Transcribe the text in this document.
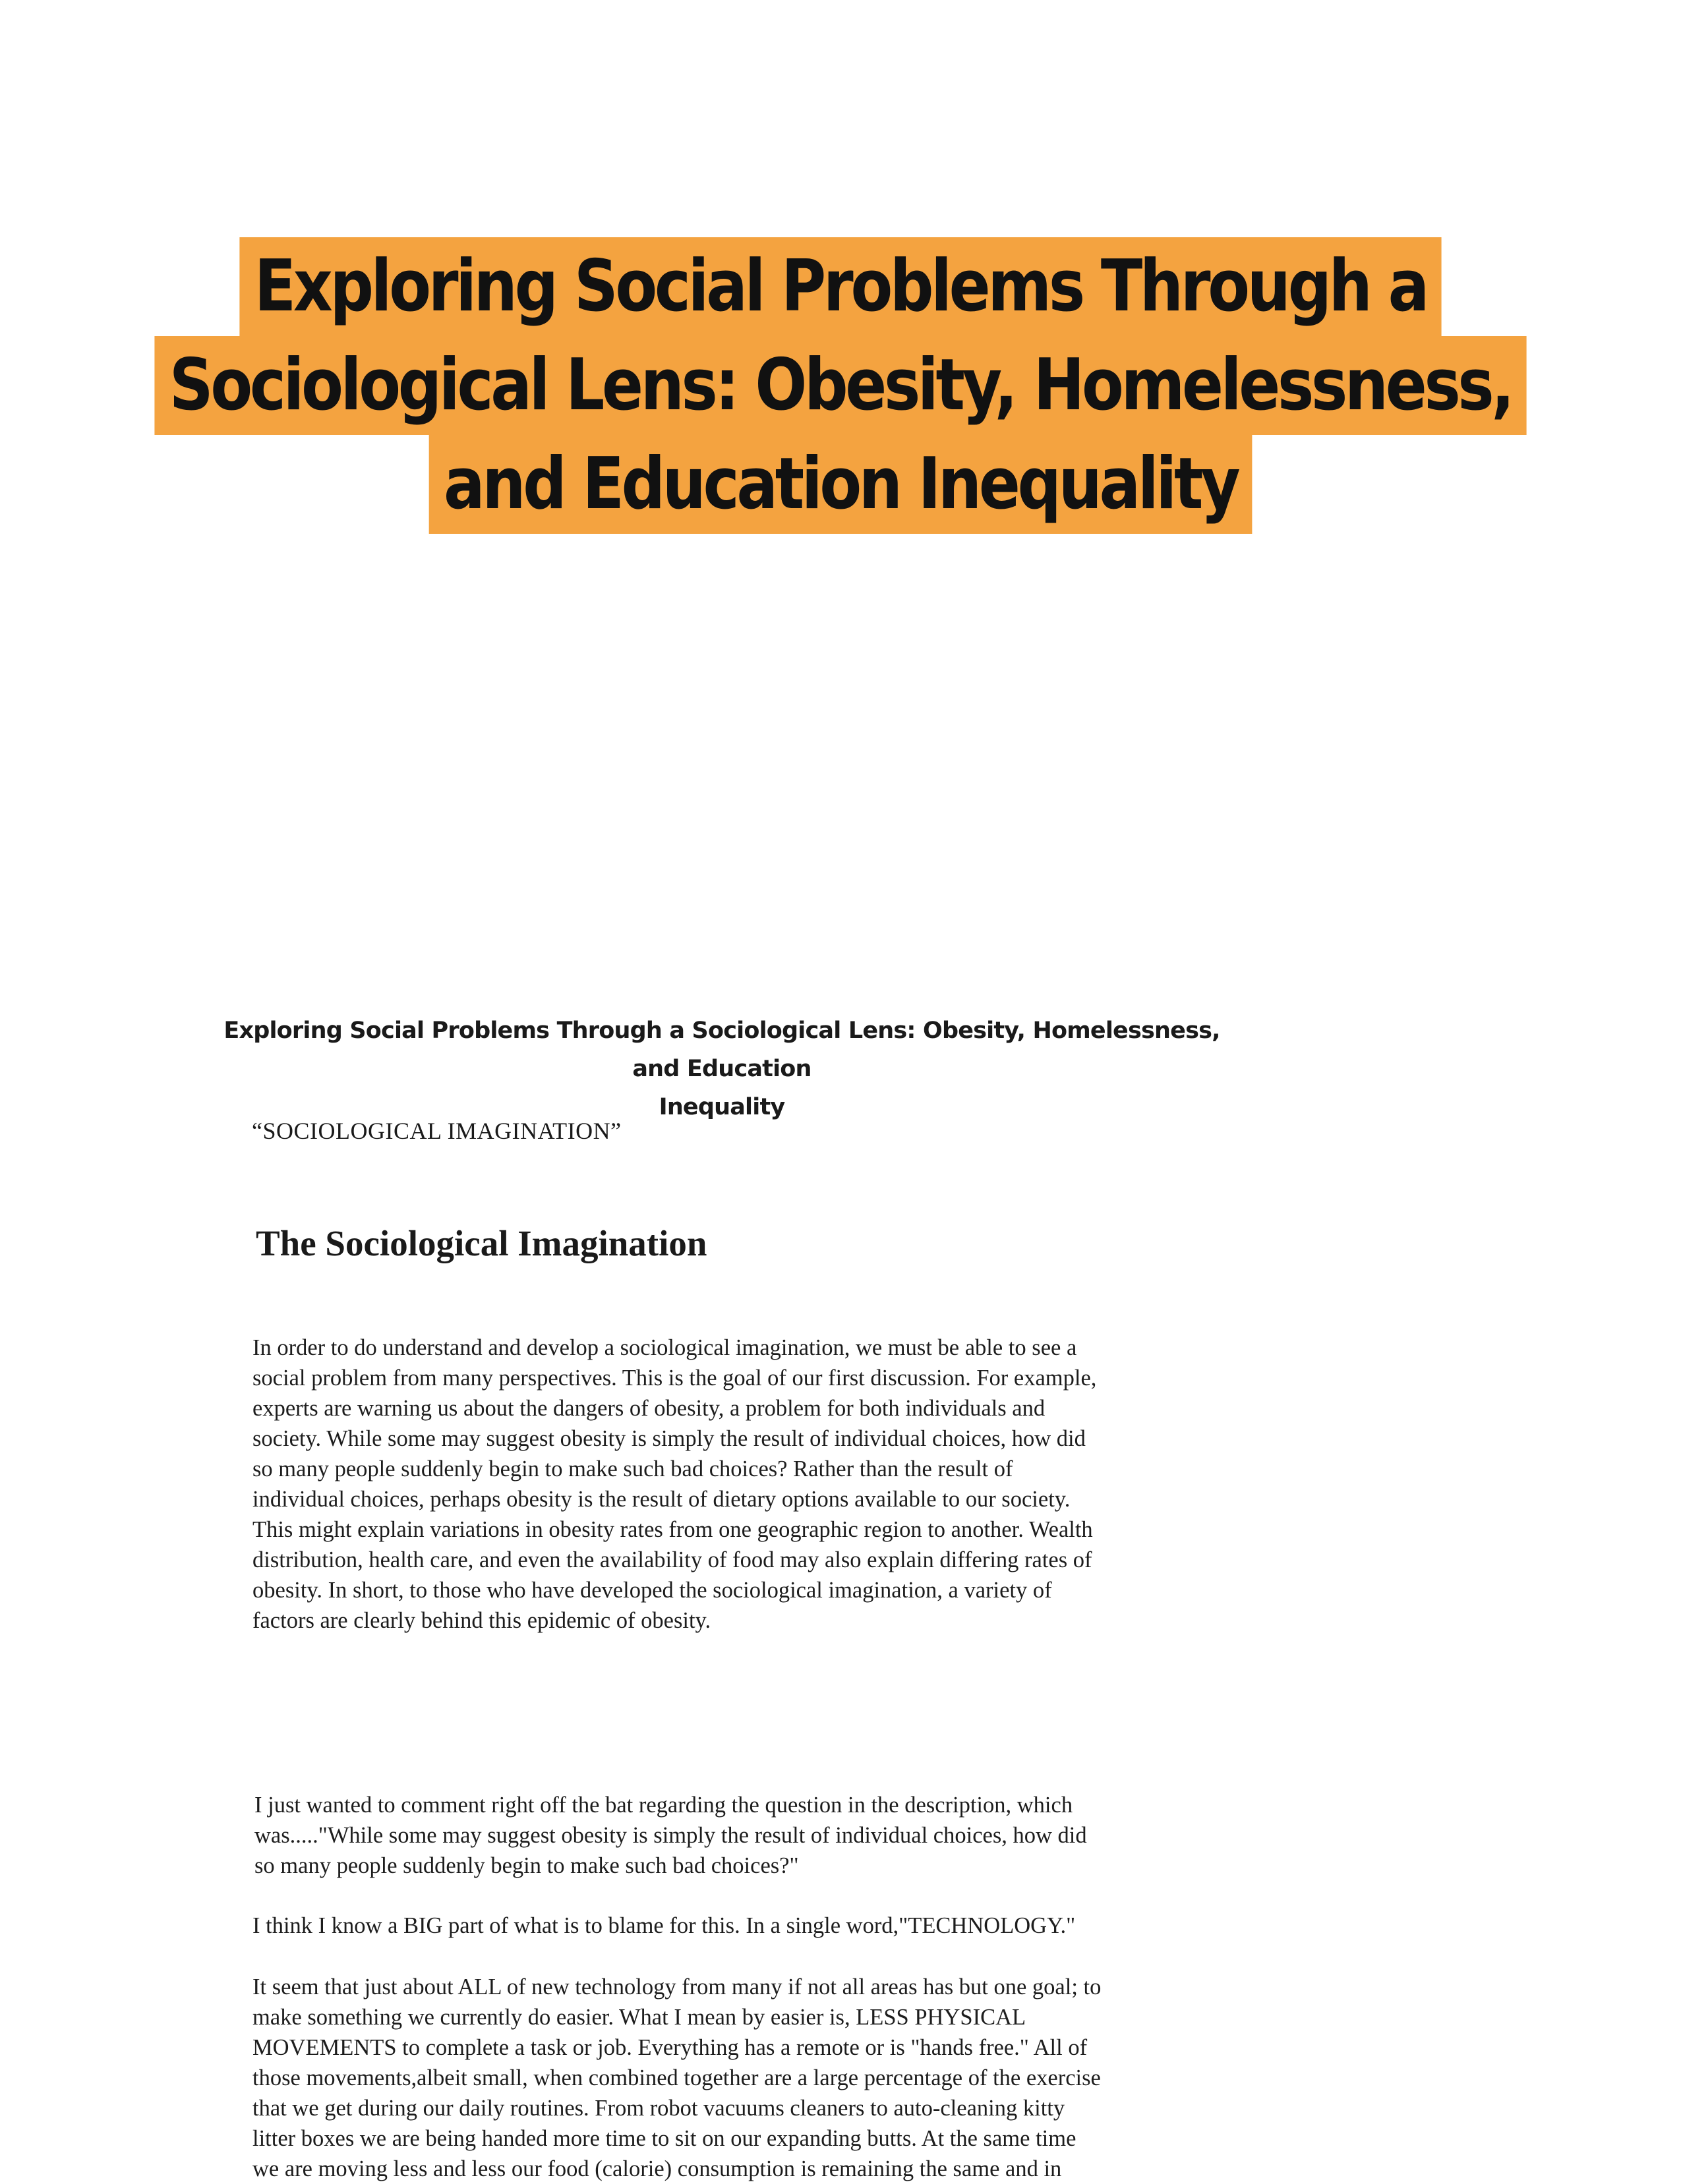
Exploring Social Problems Through a
Sociological Lens: Obesity, Homelessness,
and Education Inequality
Exploring Social Problems Through a Sociological Lens: Obesity, Homelessness, and Education
Inequality
“SOCIOLOGICAL IMAGINATION”
The Sociological Imagination

In order to do understand and develop a sociological imagination, we must be able to see a
social problem from many perspectives. This is the goal of our first discussion. For example,
experts are warning us about the dangers of obesity, a problem for both individuals and
society. While some may suggest obesity is simply the result of individual choices, how did
so many people suddenly begin to make such bad choices? Rather than the result of
individual choices, perhaps obesity is the result of dietary options available to our society.
This might explain variations in obesity rates from one geographic region to another. Wealth
distribution, health care, and even the availability of food may also explain differing rates of
obesity. In short, to those who have developed the sociological imagination, a variety of
factors are clearly behind this epidemic of obesity.

I just wanted to comment right off the bat regarding the question in the description, which
was....."While some may suggest obesity is simply the result of individual choices, how did
so many people suddenly begin to make such bad choices?"

I think I know a BIG part of what is to blame for this. In a single word,"TECHNOLOGY."

It seem that just about ALL of new technology from many if not all areas has but one goal; to
make something we currently do easier. What I mean by easier is, LESS PHYSICAL
MOVEMENTS to complete a task or job. Everything has a remote or is "hands free." All of
those movements,albeit small, when combined together are a large percentage of the exercise
that we get during our daily routines. From robot vacuums cleaners to auto-cleaning kitty
litter boxes we are being handed more time to sit on our expanding butts. At the same time
we are moving less and less our food (calorie) consumption is remaining the same and in
